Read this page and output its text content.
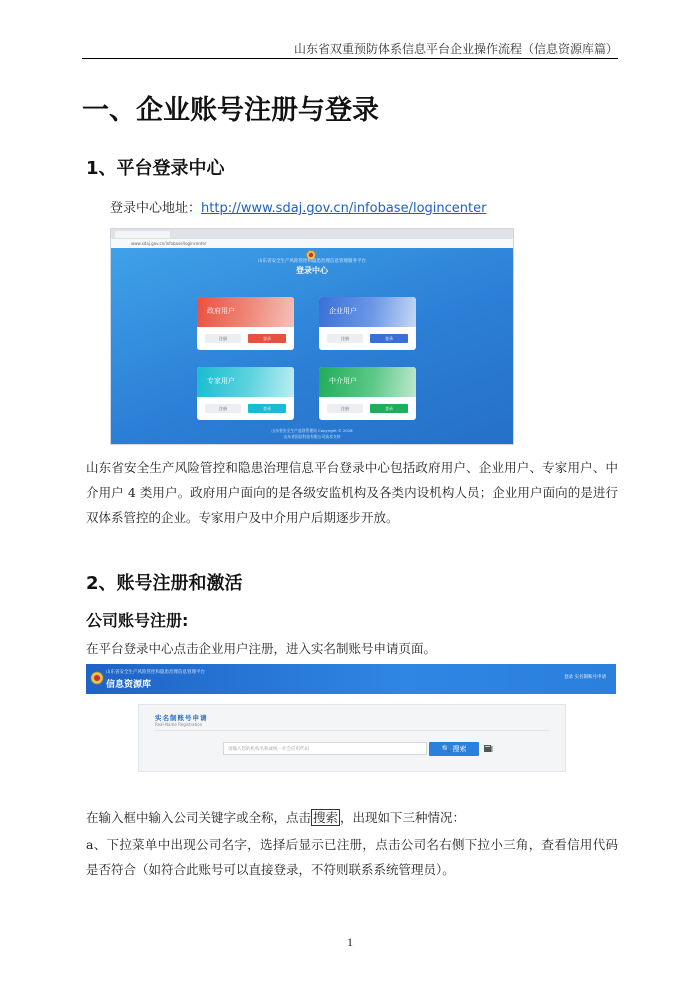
山东省双重预防体系信息平台企业操作流程（信息资源库篇）
一、企业账号注册与登录
1、平台登录中心
登录中心地址：http://www.sdaj.gov.cn/infobase/logincenter
www.sdaj.gov.cn/infobase/logincenter
山东省安全生产风险管控和隐患治理信息管理服务平台
登录中心
政府用户
注册	登录
企业用户
注册	登录
专家用户
注册	登录
中介用户
注册	登录
山东省安全生产监督管理局 Copyright © 2018
山东省国信科技有限公司技术支持
山东省安全生产风险管控和隐患治理信息平台登录中心包括政府用户、企业用户、专家用户、中介用户 4 类用户。政府用户面向的是各级安监机构及各类内设机构人员；企业用户面向的是进行双体系管控的企业。专家用户及中介用户后期逐步开放。
2、账号注册和激活
公司账号注册:
在平台登录中心点击企业用户注册，进入实名制账号申请页面。
山东省安全生产风险管控和隐患治理信息管理平台
信息资源库
登录 实名制账号申请
实名制账号申请
Real-Name Registration
请输入您的机构名称或统一社会信用代码	🔍 搜索
在输入框中输入公司关键字或全称，点击 搜索 ，出现如下三种情况：
a、下拉菜单中出现公司名字，选择后显示已注册，点击公司名右侧下拉小三角，查看信用代码是否符合（如符合此账号可以直接登录，不符则联系系统管理员）。
1
